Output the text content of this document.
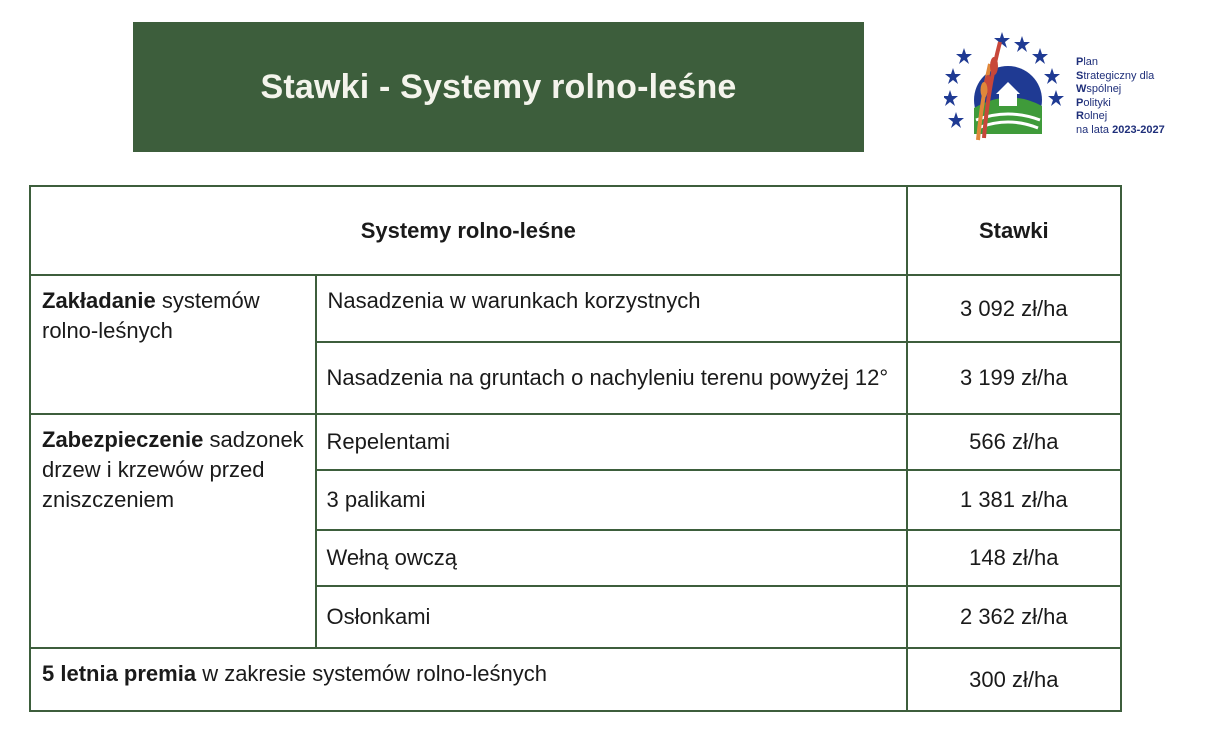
Stawki - Systemy rolno-leśne
Plan
Strategiczny dla
Wspólnej
Polityki
Rolnej
na lata 2023-2027
Systemy rolno-leśne		Stawki
Zakładanie systemów rolno-leśnych	Nasadzenia w warunkach korzystnych	3 092 zł/ha
	Nasadzenia na gruntach o nachyleniu terenu powyżej 12°	3 199 zł/ha
Zabezpieczenie sadzonek drzew i krzewów przed zniszczeniem	Repelentami	566 zł/ha
	3 palikami	1 381 zł/ha
	Wełną owczą	148 zł/ha
	Osłonkami	2 362 zł/ha
5 letnia premia w zakresie systemów rolno-leśnych		300 zł/ha
